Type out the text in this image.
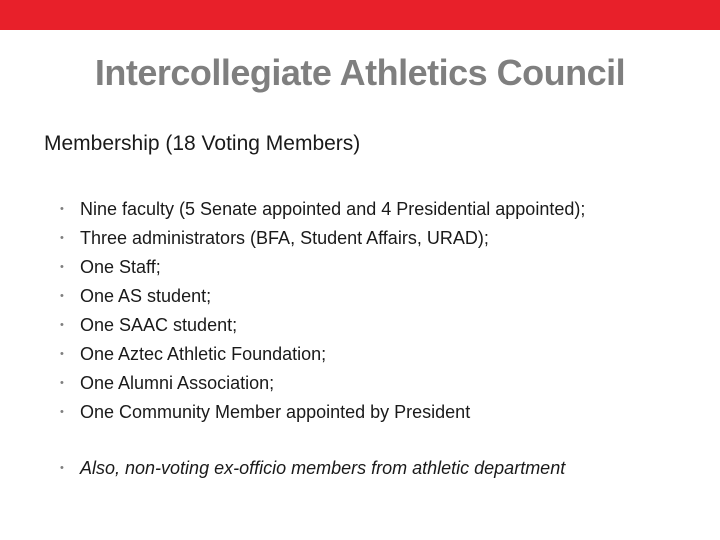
Intercollegiate Athletics Council
Membership (18 Voting Members)
• Nine faculty (5 Senate appointed and 4 Presidential appointed);
• Three administrators (BFA, Student Affairs, URAD);
• One Staff;
• One AS student;
• One SAAC student;
• One Aztec Athletic Foundation;
• One Alumni Association;
• One Community Member appointed by President
• Also, non-voting ex-officio members from athletic department
